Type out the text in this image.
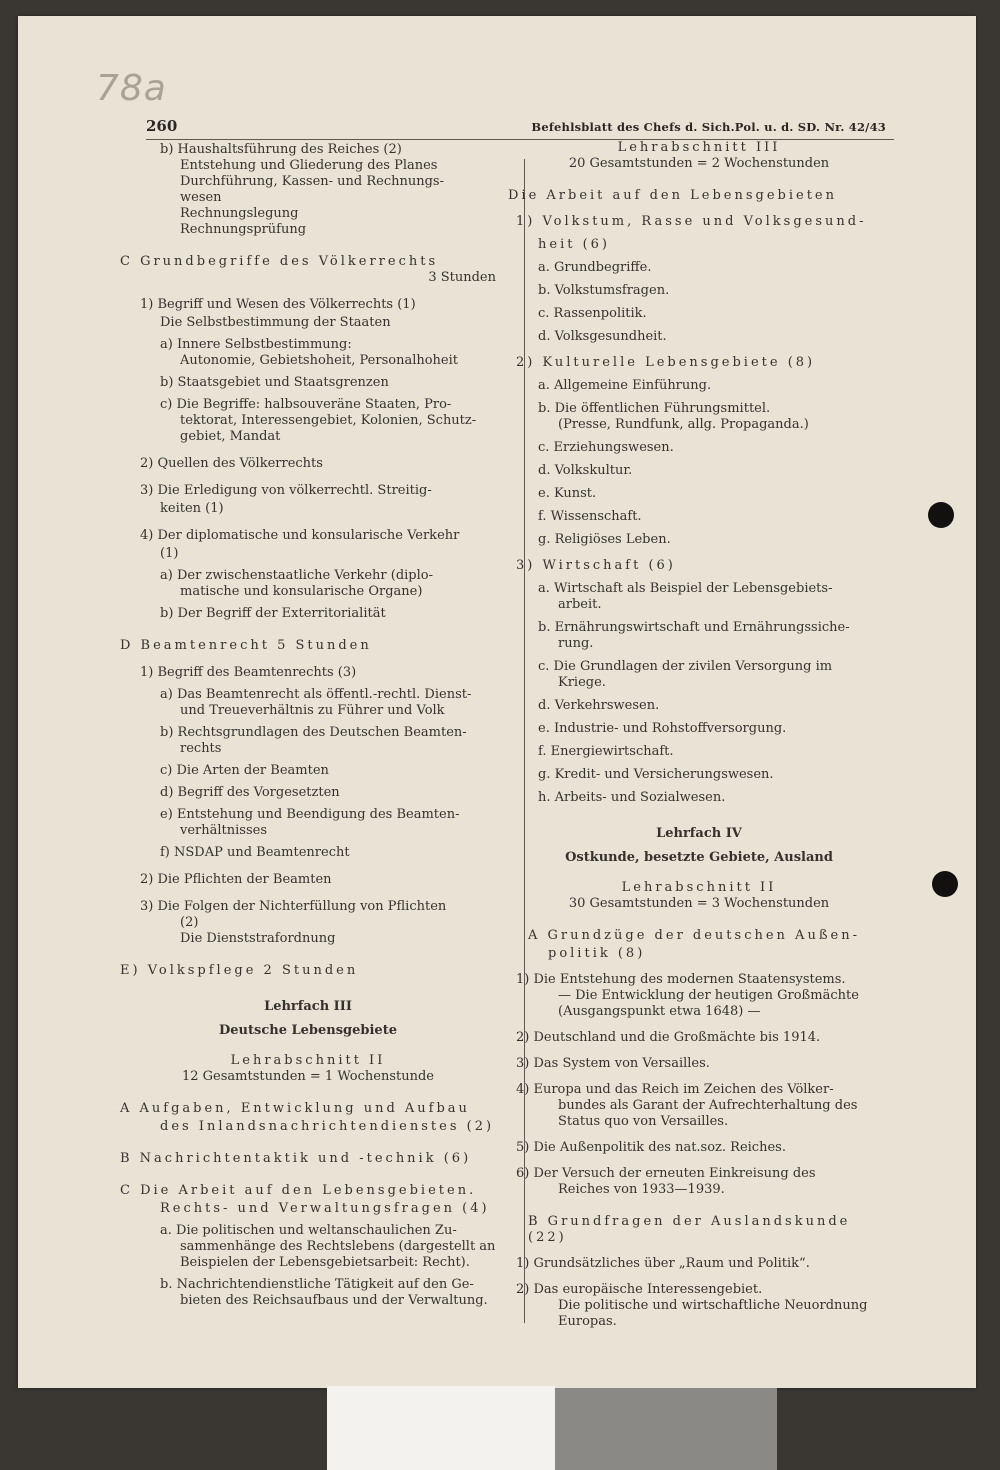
78a
260	Befehlsblatt des Chefs d. Sich.Pol. u. d. SD. Nr. 42/43

b) Haushaltsführung des Reiches (2)

Entstehung und Gliederung des Planes

Durchführung, Kassen- und Rechnungs-

wesen

Rechnungslegung

Rechnungsprüfung

C Grundbegriffe des Völkerrechts

3 Stunden

1) Begriff und Wesen des Völkerrechts (1)

Die Selbstbestimmung der Staaten

a) Innere Selbstbestimmung:

Autonomie, Gebietshoheit, Personalhoheit

b) Staatsgebiet und Staatsgrenzen

c) Die Begriffe: halbsouveräne Staaten, Pro-

tektorat, Interessengebiet, Kolonien, Schutz-

gebiet, Mandat

2) Quellen des Völkerrechts

3) Die Erledigung von völkerrechtl. Streitig-

keiten (1)

4) Der diplomatische und konsularische Verkehr

(1)

a) Der zwischenstaatliche Verkehr (diplo-

matische und konsularische Organe)

b) Der Begriff der Exterritorialität

D Beamtenrecht 5 Stunden

1) Begriff des Beamtenrechts (3)

a) Das Beamtenrecht als öffentl.-rechtl. Dienst-

und Treueverhältnis zu Führer und Volk

b) Rechtsgrundlagen des Deutschen Beamten-

rechts

c) Die Arten der Beamten

d) Begriff des Vorgesetzten

e) Entstehung und Beendigung des Beamten-

verhältnisses

f) NSDAP und Beamtenrecht

2) Die Pflichten der Beamten

3) Die Folgen der Nichterfüllung von Pflichten

(2)

Die Dienststrafordnung

E) Volkspflege 2 Stunden

Lehrfach III

Deutsche Lebensgebiete

Lehrabschnitt II

12 Gesamtstunden = 1 Wochenstunde

A Aufgaben, Entwicklung und Aufbau

des Inlandsnachrichtendienstes (2)

B Nachrichtentaktik und -technik (6)

C Die Arbeit auf den Lebensgebieten.

Rechts- und Verwaltungsfragen (4)

a. Die politischen und weltanschaulichen Zu-

sammenhänge des Rechtslebens (dargestellt an

Beispielen der Lebensgebietsarbeit: Recht).

b. Nachrichtendienstliche Tätigkeit auf den Ge-

bieten des Reichsaufbaus und der Verwaltung.

Lehrabschnitt III

20 Gesamtstunden = 2 Wochenstunden

Die Arbeit auf den Lebensgebieten

1) Volkstum, Rasse und Volksgesund-

heit (6)

a. Grundbegriffe.

b. Volkstumsfragen.

c. Rassenpolitik.

d. Volksgesundheit.

2) Kulturelle Lebensgebiete (8)

a. Allgemeine Einführung.

b. Die öffentlichen Führungsmittel.

(Presse, Rundfunk, allg. Propaganda.)

c. Erziehungswesen.

d. Volkskultur.

e. Kunst.

f. Wissenschaft.

g. Religiöses Leben.

3) Wirtschaft (6)

a. Wirtschaft als Beispiel der Lebensgebiets-

arbeit.

b. Ernährungswirtschaft und Ernährungssiche-

rung.

c. Die Grundlagen der zivilen Versorgung im

Kriege.

d. Verkehrswesen.

e. Industrie- und Rohstoffversorgung.

f. Energiewirtschaft.

g. Kredit- und Versicherungswesen.

h. Arbeits- und Sozialwesen.

Lehrfach IV

Ostkunde, besetzte Gebiete, Ausland

Lehrabschnitt II

30 Gesamtstunden = 3 Wochenstunden

A Grundzüge der deutschen Außen-

politik (8)

1) Die Entstehung des modernen Staatensystems.

— Die Entwicklung der heutigen Großmächte

(Ausgangspunkt etwa 1648) —

2) Deutschland und die Großmächte bis 1914.

3) Das System von Versailles.

4) Europa und das Reich im Zeichen des Völker-

bundes als Garant der Aufrechterhaltung des

Status quo von Versailles.

5) Die Außenpolitik des nat.soz. Reiches.

6) Der Versuch der erneuten Einkreisung des

Reiches von 1933—1939.

B Grundfragen der Auslandskunde (22)

1) Grundsätzliches über „Raum und Politik“.

2) Das europäische Interessengebiet.

Die politische und wirtschaftliche Neuordnung

Europas.
